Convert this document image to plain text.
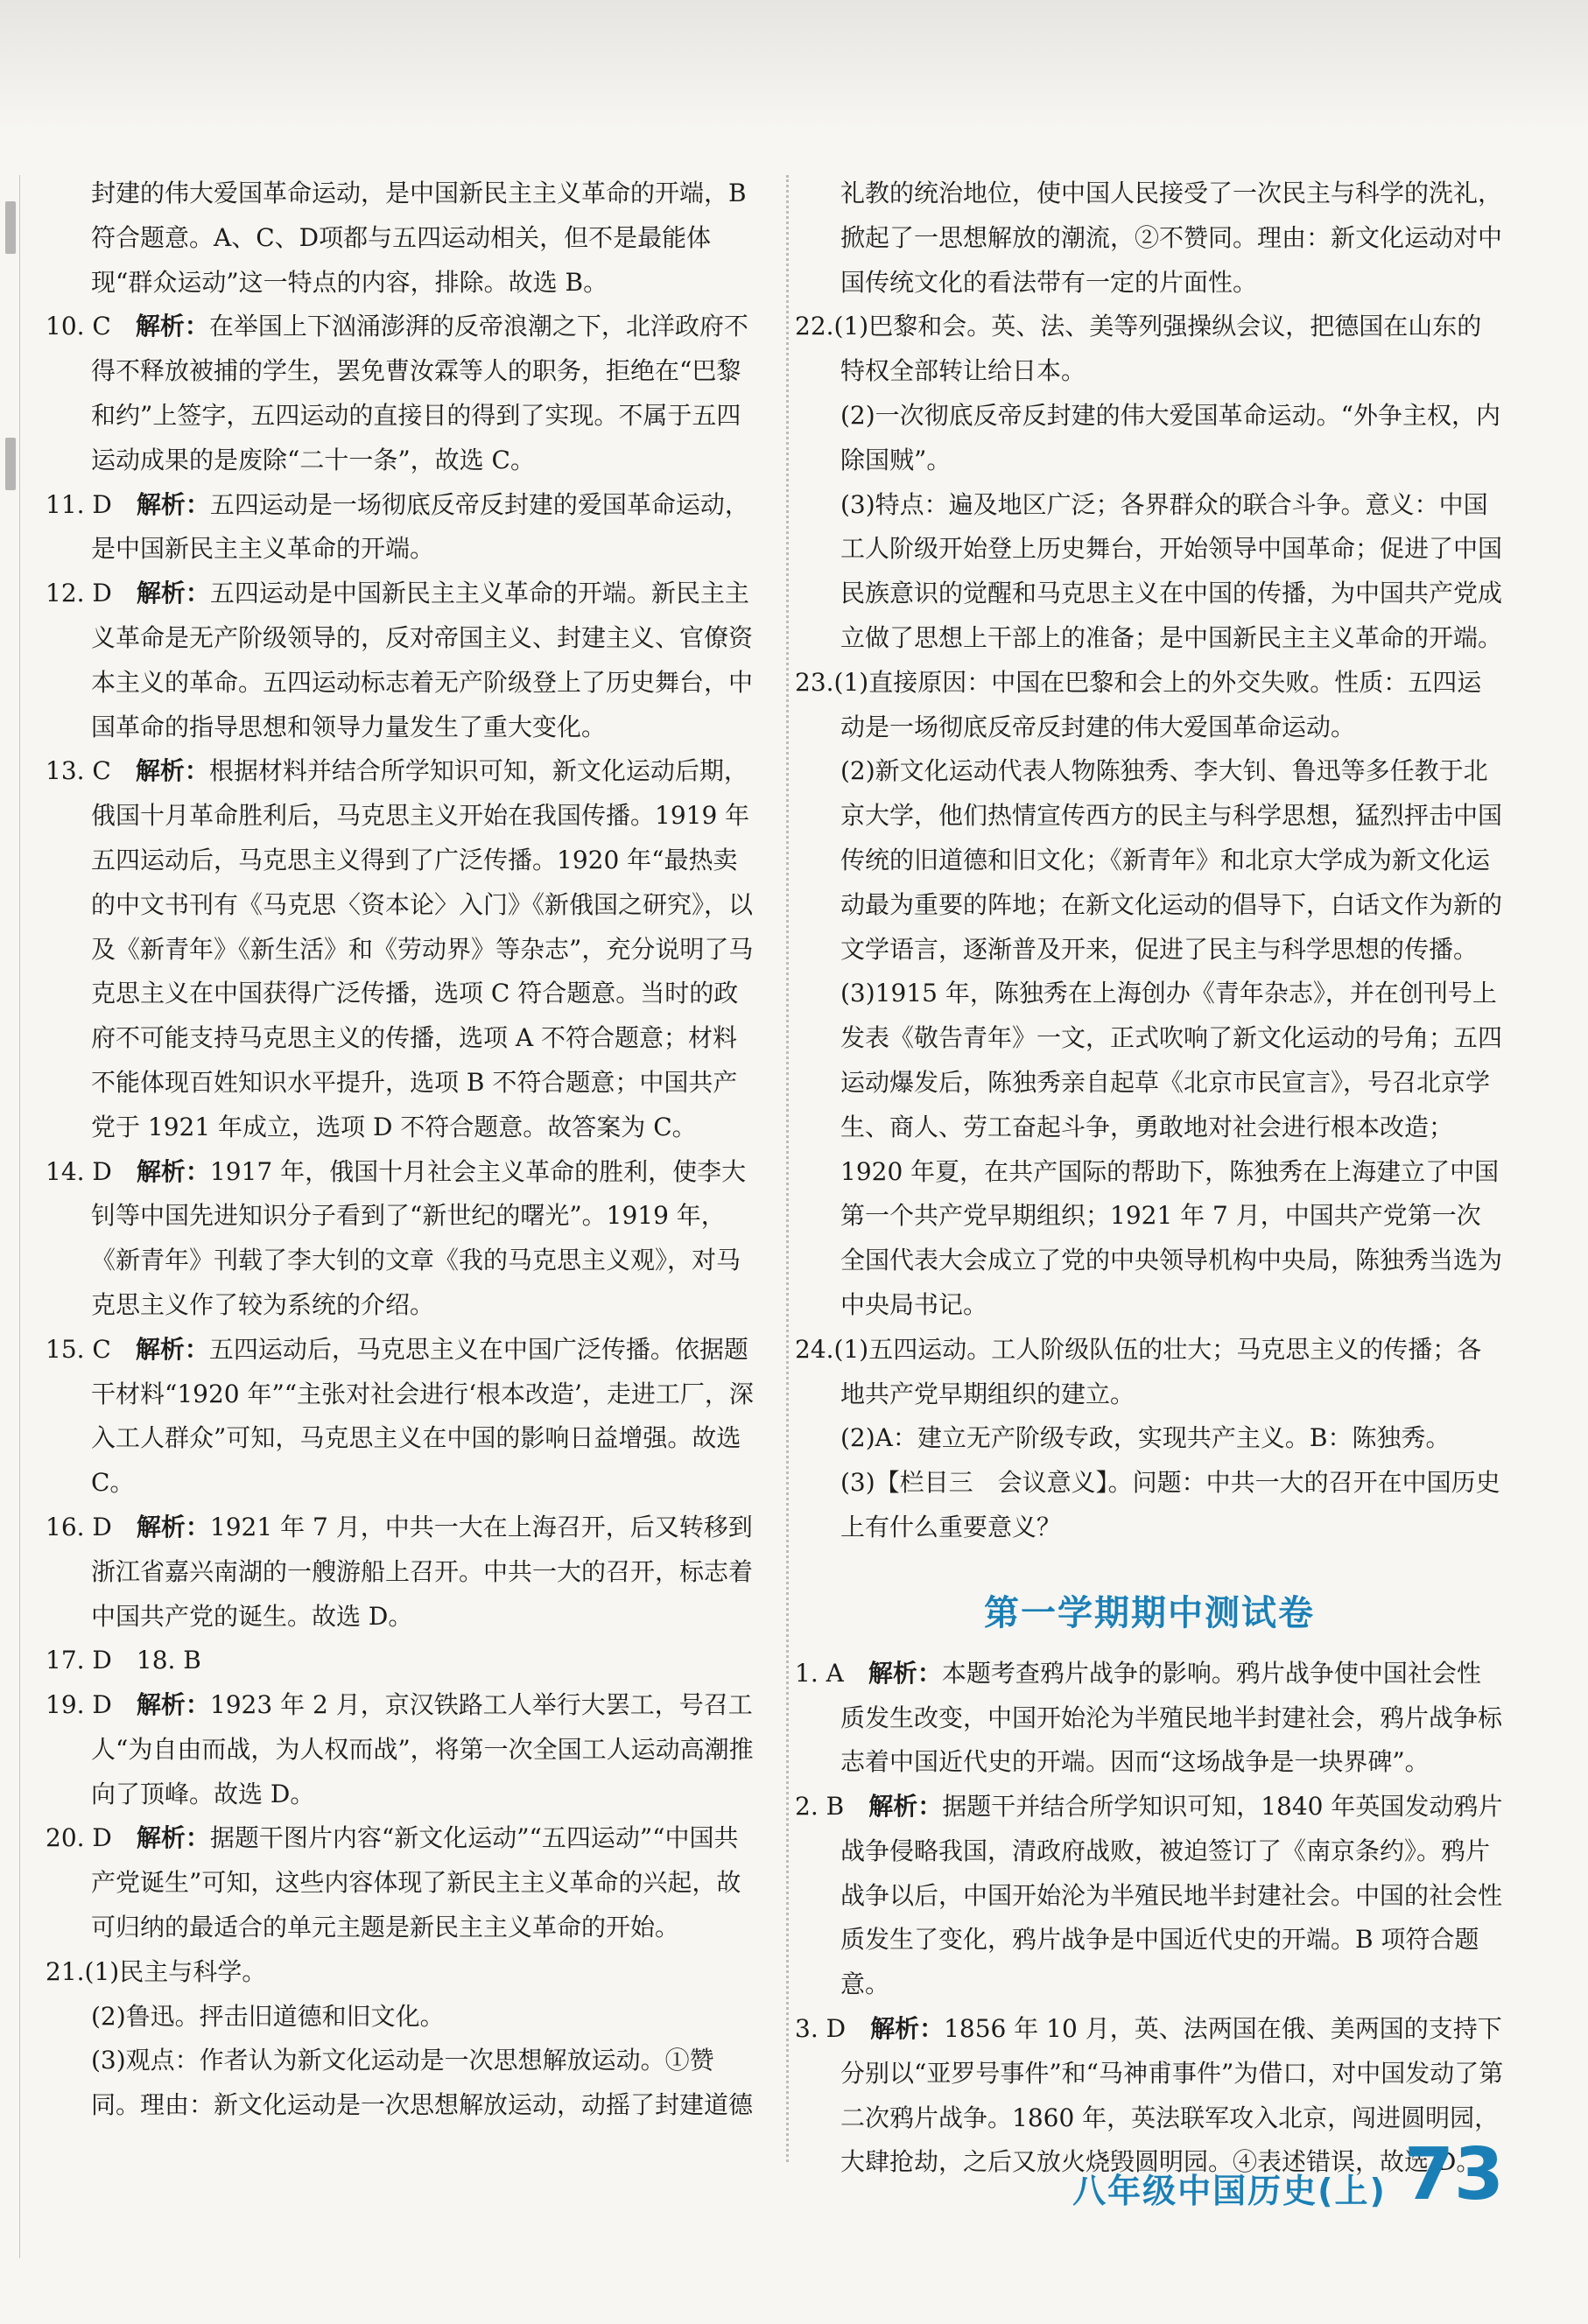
封建的伟大爱国革命运动，是中国新民主主义革命的开端，B符合题意。A、C、D项都与五四运动相关，但不是最能体现“群众运动”这一特点的内容，排除。故选 B。

10. C　 解析：在举国上下汹涌澎湃的反帝浪潮之下，北洋政府不得不释放被捕的学生，罢免曹汝霖等人的职务，拒绝在“巴黎和约”上签字，五四运动的直接目的得到了实现。不属于五四运动成果的是废除“二十一条”，故选 C。

11. D　 解析：五四运动是一场彻底反帝反封建的爱国革命运动，是中国新民主主义革命的开端。

12. D　 解析：五四运动是中国新民主主义革命的开端。新民主主义革命是无产阶级领导的，反对帝国主义、封建主义、官僚资本主义的革命。五四运动标志着无产阶级登上了历史舞台，中国革命的指导思想和领导力量发生了重大变化。

13. C　 解析：根据材料并结合所学知识可知，新文化运动后期，俄国十月革命胜利后，马克思主义开始在我国传播。1919 年五四运动后，马克思主义得到了广泛传播。1920 年“最热卖的中文书刊有《马克思〈资本论〉入门》《新俄国之研究》，以及《新青年》《新生活》和《劳动界》等杂志”，充分说明了马克思主义在中国获得广泛传播，选项 C 符合题意。当时的政府不可能支持马克思主义的传播，选项 A 不符合题意；材料不能体现百姓知识水平提升，选项 B 不符合题意；中国共产党于 1921 年成立，选项 D 不符合题意。故答案为 C。

14. D　 解析：1917 年，俄国十月社会主义革命的胜利，使李大钊等中国先进知识分子看到了“新世纪的曙光”。1919 年，《新青年》刊载了李大钊的文章《我的马克思主义观》，对马克思主义作了较为系统的介绍。

15. C　 解析：五四运动后，马克思主义在中国广泛传播。依据题干材料“1920 年”“主张对社会进行‘根本改造’，走进工厂，深入工人群众”可知，马克思主义在中国的影响日益增强。故选 C。

16. D　 解析：1921 年 7 月，中共一大在上海召开，后又转移到浙江省嘉兴南湖的一艘游船上召开。中共一大的召开，标志着中国共产党的诞生。故选 D。

17. D　18. B

19. D　 解析：1923 年 2 月，京汉铁路工人举行大罢工，号召工人“为自由而战，为人权而战”，将第一次全国工人运动高潮推向了顶峰。故选 D。

20. D　 解析：据题干图片内容“新文化运动”“五四运动”“中国共产党诞生”可知，这些内容体现了新民主主义革命的兴起，故可归纳的最适合的单元主题是新民主主义革命的开始。

21.(1)民主与科学。

(2)鲁迅。抨击旧道德和旧文化。

(3)观点：作者认为新文化运动是一次思想解放运动。①赞同。理由：新文化运动是一次思想解放运动，动摇了封建道德

礼教的统治地位，使中国人民接受了一次民主与科学的洗礼，掀起了一思想解放的潮流，②不赞同。理由：新文化运动对中国传统文化的看法带有一定的片面性。

22.(1)巴黎和会。英、法、美等列强操纵会议，把德国在山东的特权全部转让给日本。

(2)一次彻底反帝反封建的伟大爱国革命运动。“外争主权，内除国贼”。

(3)特点：遍及地区广泛；各界群众的联合斗争。意义：中国工人阶级开始登上历史舞台，开始领导中国革命；促进了中国民族意识的觉醒和马克思主义在中国的传播，为中国共产党成立做了思想上干部上的准备；是中国新民主主义革命的开端。

23.(1)直接原因：中国在巴黎和会上的外交失败。性质：五四运动是一场彻底反帝反封建的伟大爱国革命运动。

(2)新文化运动代表人物陈独秀、李大钊、鲁迅等多任教于北京大学，他们热情宣传西方的民主与科学思想，猛烈抨击中国传统的旧道德和旧文化；《新青年》和北京大学成为新文化运动最为重要的阵地；在新文化运动的倡导下，白话文作为新的文学语言，逐渐普及开来，促进了民主与科学思想的传播。

(3)1915 年，陈独秀在上海创办《青年杂志》，并在创刊号上发表《敬告青年》一文，正式吹响了新文化运动的号角；五四运动爆发后，陈独秀亲自起草《北京市民宣言》，号召北京学生、商人、劳工奋起斗争，勇敢地对社会进行根本改造；1920 年夏，在共产国际的帮助下，陈独秀在上海建立了中国第一个共产党早期组织；1921 年 7 月，中国共产党第一次全国代表大会成立了党的中央领导机构中央局，陈独秀当选为中央局书记。

24.(1)五四运动。工人阶级队伍的壮大；马克思主义的传播；各地共产党早期组织的建立。

(2)A：建立无产阶级专政，实现共产主义。B：陈独秀。

(3)【栏目三　会议意义】。问题：中共一大的召开在中国历史上有什么重要意义？

第一学期期中测试卷

1. A　 解析：本题考查鸦片战争的影响。鸦片战争使中国社会性质发生改变，中国开始沦为半殖民地半封建社会，鸦片战争标志着中国近代史的开端。因而“这场战争是一块界碑”。

2. B　 解析：据题干并结合所学知识可知，1840 年英国发动鸦片战争侵略我国，清政府战败，被迫签订了《南京条约》。鸦片战争以后，中国开始沦为半殖民地半封建社会。中国的社会性质发生了变化，鸦片战争是中国近代史的开端。B 项符合题意。

3. D　 解析：1856 年 10 月，英、法两国在俄、美两国的支持下分别以“亚罗号事件”和“马神甫事件”为借口，对中国发动了第二次鸦片战争。1860 年，英法联军攻入北京，闯进圆明园，大肆抢劫，之后又放火烧毁圆明园。④表述错误，故选 D。

八年级中国历史(上) 73
